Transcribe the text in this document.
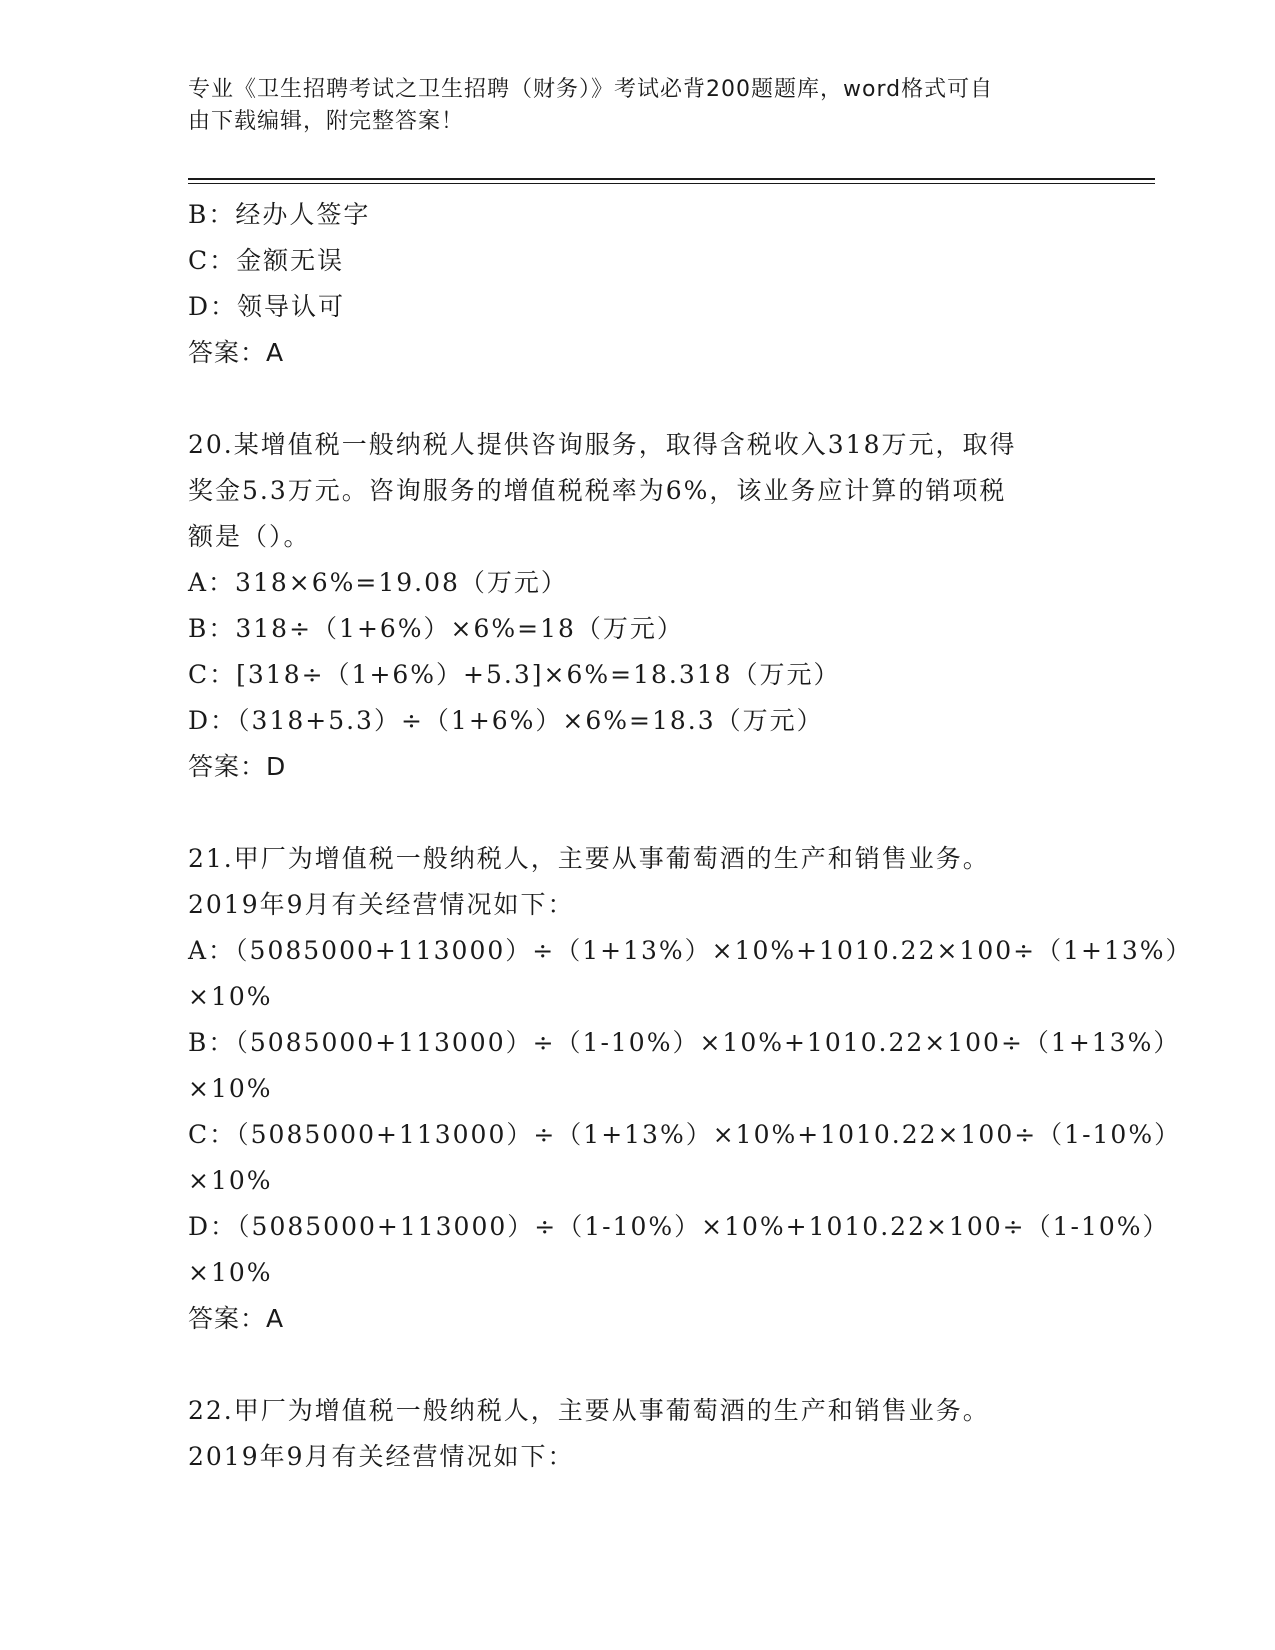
专业《卫生招聘考试之卫生招聘（财务）》考试必背200题题库，word格式可自
由下载编辑，附完整答案！
B：经办人签字
C：金额无误
D：领导认可
答案：A
20.某增值税一般纳税人提供咨询服务，取得含税收入318万元，取得
奖金5.3万元。咨询服务的增值税税率为6%，该业务应计算的销项税
额是（）。
A：318×6%=19.08（万元）
B：318÷（1+6%）×6%=18（万元）
C：[318÷（1+6%）+5.3]×6%=18.318（万元）
D：（318+5.3）÷（1+6%）×6%=18.3（万元）
答案：D
21.甲厂为增值税一般纳税人，主要从事葡萄酒的生产和销售业务。
2019年9月有关经营情况如下：
A：（5085000+113000）÷（1+13%）×10%+1010.22×100÷（1+13%）
×10%
B：（5085000+113000）÷（1-10%）×10%+1010.22×100÷（1+13%）
×10%
C：（5085000+113000）÷（1+13%）×10%+1010.22×100÷（1-10%）
×10%
D：（5085000+113000）÷（1-10%）×10%+1010.22×100÷（1-10%）
×10%
答案：A
22.甲厂为增值税一般纳税人，主要从事葡萄酒的生产和销售业务。
2019年9月有关经营情况如下：
